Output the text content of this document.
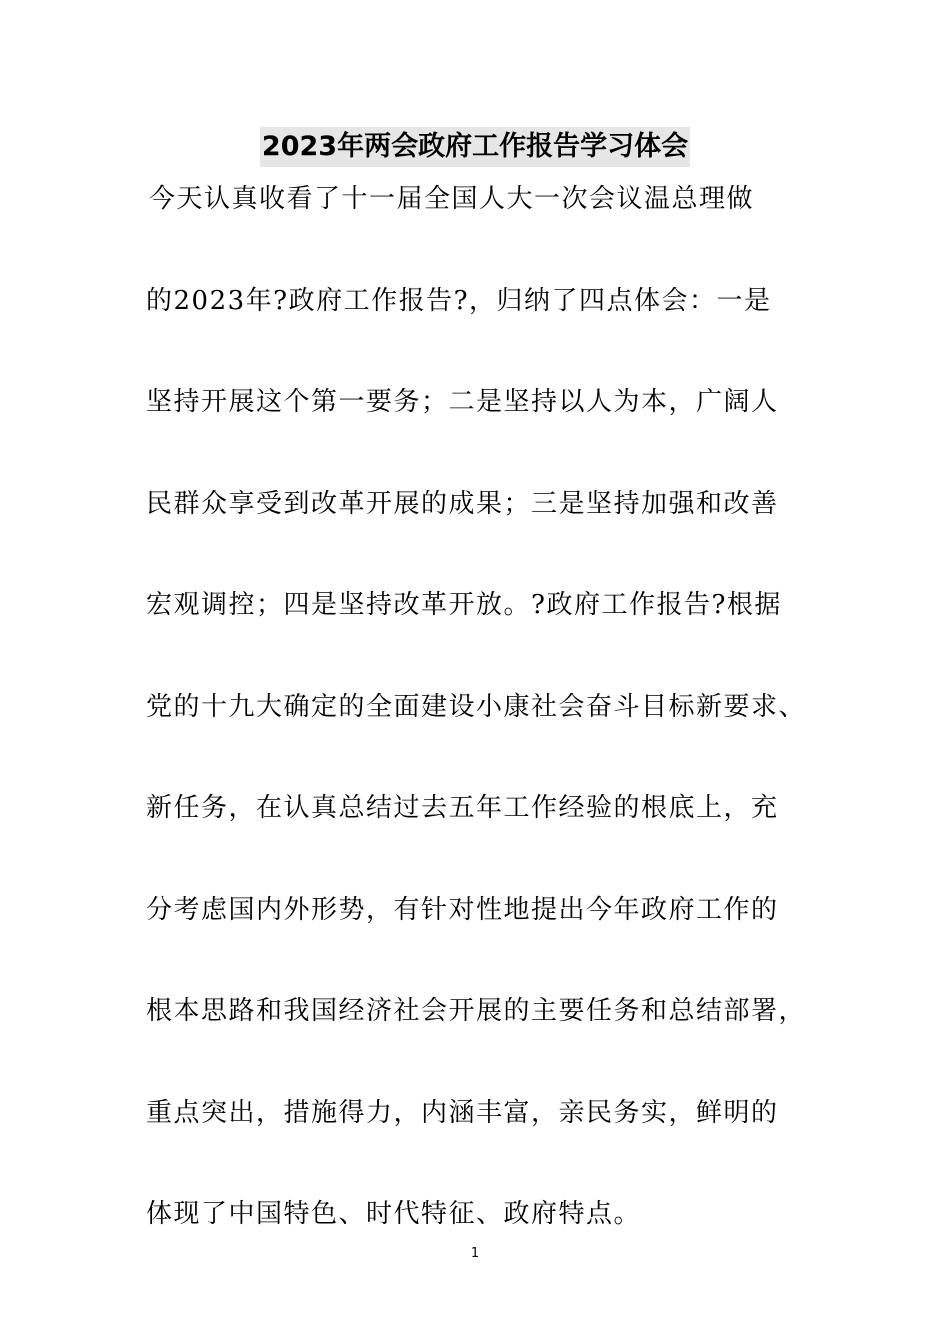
2023年两会政府工作报告学习体会
今天认真收看了十一届全国人大一次会议温总理做
的2023年?政府工作报告?，归纳了四点体会：一是
坚持开展这个第一要务；二是坚持以人为本，广阔人
民群众享受到改革开展的成果；三是坚持加强和改善
宏观调控；四是坚持改革开放。?政府工作报告?根据
党的十九大确定的全面建设小康社会奋斗目标新要求、
新任务，在认真总结过去五年工作经验的根底上，充
分考虑国内外形势，有针对性地提出今年政府工作的
根本思路和我国经济社会开展的主要任务和总结部署，
重点突出，措施得力，内涵丰富，亲民务实，鲜明的
体现了中国特色、时代特征、政府特点。
1
